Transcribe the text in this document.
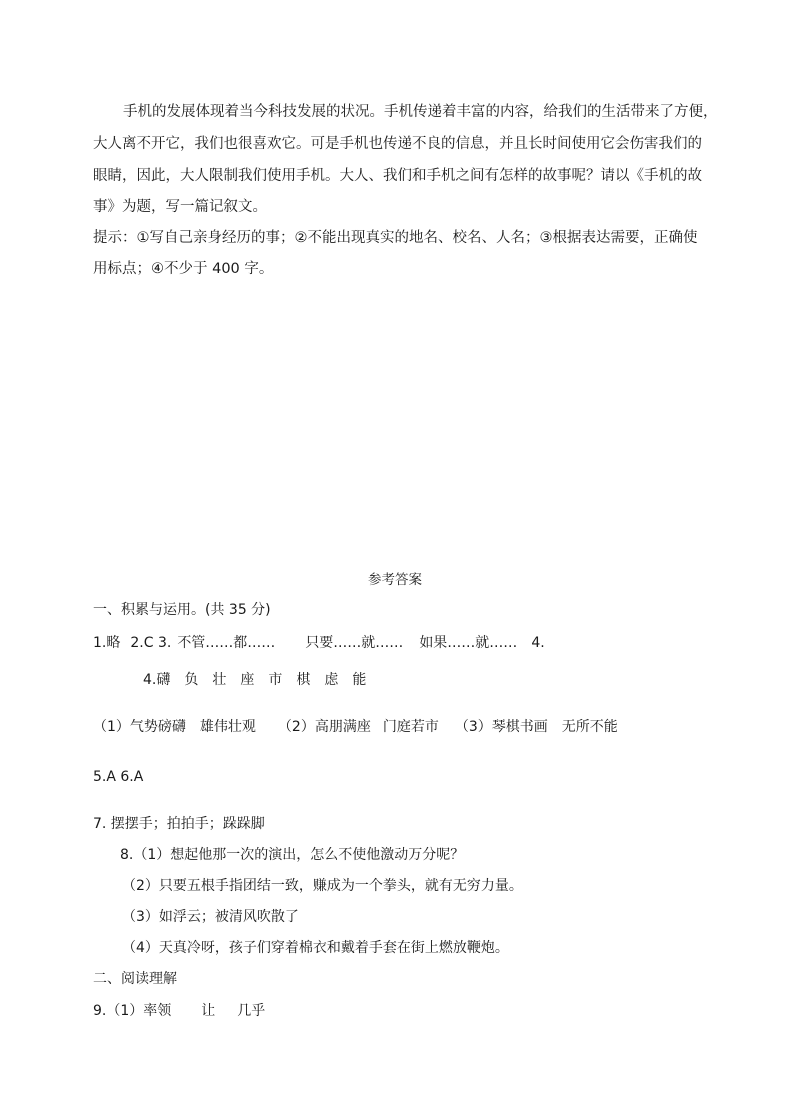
手机的发展体现着当今科技发展的状况。手机传递着丰富的内容，给我们的生活带来了方便，
大人离不开它，我们也很喜欢它。可是手机也传递不良的信息，并且长时间使用它会伤害我们的
眼睛，因此，大人限制我们使用手机。大人、我们和手机之间有怎样的故事呢？请以《手机的故
事》为题，写一篇记叙文。
提示：①写自己亲身经历的事；②不能出现真实的地名、校名、人名；③根据表达需要，正确使
用标点；④不少于 400 字。
参考答案
一、积累与运用。(共 35 分)
1.略 2.C 3. 不管……都…… 只要……就…… 如果……就…… 4.
4.礴 负 壮 座 市 棋 虑 能
（1）气势磅礴 雄伟壮观 （2）高朋满座 门庭若市 （3）琴棋书画 无所不能
5.A 6.A
7. 摆摆手；拍拍手；跺跺脚
8.（1）想起他那一次的演出，怎么不使他激动万分呢？
（2）只要五根手指团结一致，赚成为一个拳头，就有无穷力量。
（3）如浮云；被清风吹散了
（4）天真冷呀，孩子们穿着棉衣和戴着手套在街上燃放鞭炮。
二、阅读理解
9.（1）率领 让 几乎
